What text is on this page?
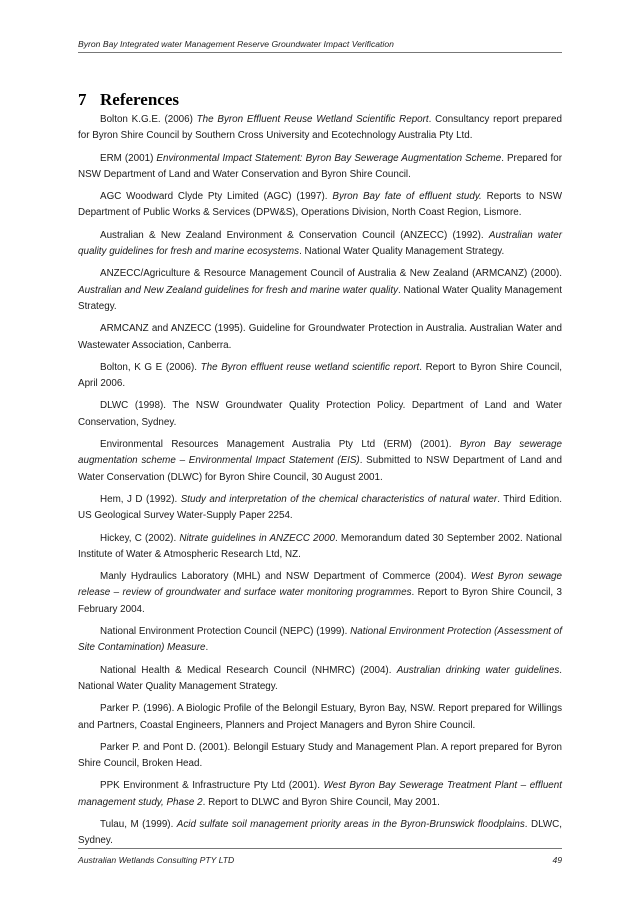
Byron Bay Integrated water Management Reserve Groundwater Impact Verification
7 References

Bolton K.G.E. (2006) The Byron Effluent Reuse Wetland Scientific Report. Consultancy report prepared for Byron Shire Council by Southern Cross University and Ecotechnology Australia Pty Ltd.

ERM (2001) Environmental Impact Statement: Byron Bay Sewerage Augmentation Scheme. Prepared for NSW Department of Land and Water Conservation and Byron Shire Council.

AGC Woodward Clyde Pty Limited (AGC) (1997). Byron Bay fate of effluent study. Reports to NSW Department of Public Works & Services (DPW&S), Operations Division, North Coast Region, Lismore.

Australian & New Zealand Environment & Conservation Council (ANZECC) (1992). Australian water quality guidelines for fresh and marine ecosystems. National Water Quality Management Strategy.

ANZECC/Agriculture & Resource Management Council of Australia & New Zealand (ARMCANZ) (2000). Australian and New Zealand guidelines for fresh and marine water quality. National Water Quality Management Strategy.

ARMCANZ and ANZECC (1995). Guideline for Groundwater Protection in Australia. Australian Water and Wastewater Association, Canberra.

Bolton, K G E (2006). The Byron effluent reuse wetland scientific report. Report to Byron Shire Council, April 2006.

DLWC (1998). The NSW Groundwater Quality Protection Policy. Department of Land and Water Conservation, Sydney.

Environmental Resources Management Australia Pty Ltd (ERM) (2001). Byron Bay sewerage augmentation scheme – Environmental Impact Statement (EIS). Submitted to NSW Department of Land and Water Conservation (DLWC) for Byron Shire Council, 30 August 2001.

Hem, J D (1992). Study and interpretation of the chemical characteristics of natural water. Third Edition. US Geological Survey Water-Supply Paper 2254.

Hickey, C (2002). Nitrate guidelines in ANZECC 2000. Memorandum dated 30 September 2002. National Institute of Water & Atmospheric Research Ltd, NZ.

Manly Hydraulics Laboratory (MHL) and NSW Department of Commerce (2004). West Byron sewage release – review of groundwater and surface water monitoring programmes. Report to Byron Shire Council, 3 February 2004.

National Environment Protection Council (NEPC) (1999). National Environment Protection (Assessment of Site Contamination) Measure.

National Health & Medical Research Council (NHMRC) (2004). Australian drinking water guidelines. National Water Quality Management Strategy.

Parker P. (1996). A Biologic Profile of the Belongil Estuary, Byron Bay, NSW. Report prepared for Willings and Partners, Coastal Engineers, Planners and Project Managers and Byron Shire Council.

Parker P. and Pont D. (2001). Belongil Estuary Study and Management Plan. A report prepared for Byron Shire Council, Broken Head.

PPK Environment & Infrastructure Pty Ltd (2001). West Byron Bay Sewerage Treatment Plant – effluent management study, Phase 2. Report to DLWC and Byron Shire Council, May 2001.

Tulau, M (1999). Acid sulfate soil management priority areas in the Byron-Brunswick floodplains. DLWC, Sydney.

Australian Wetlands Consulting PTY LTD	49
